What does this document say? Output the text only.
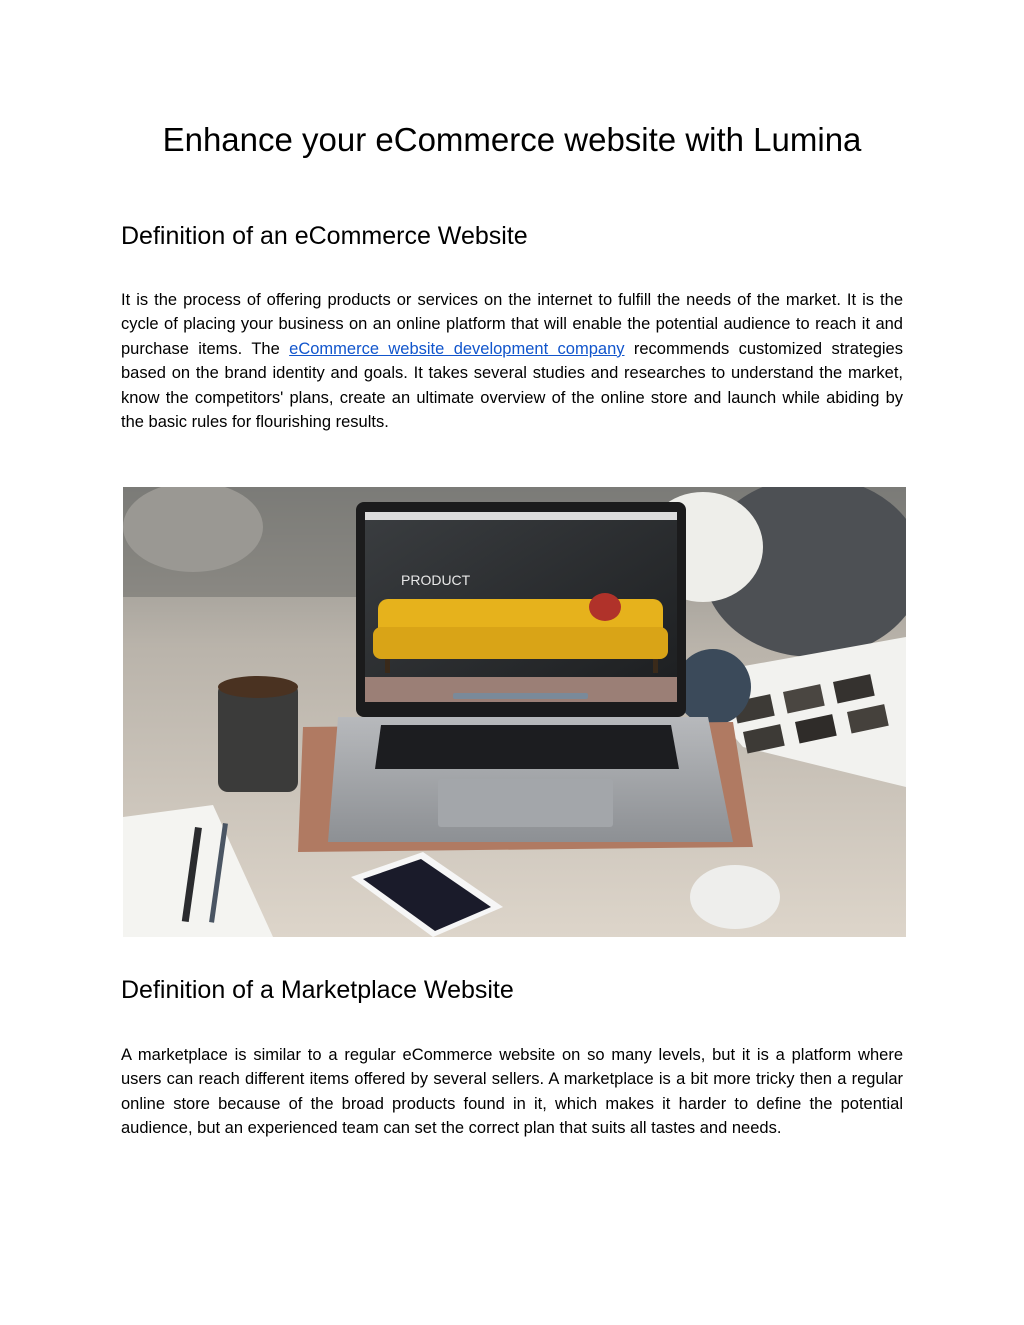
Enhance your eCommerce website with Lumina
Definition of an eCommerce Website

It is the process of offering products or services on the internet to fulfill the needs of the market. It is the cycle of placing your business on an online platform that will enable the potential audience to reach it and purchase items. The eCommerce website development company recommends customized strategies based on the brand identity and goals. It takes several studies and researches to understand the market, know the competitors' plans, create an ultimate overview of the online store and launch while abiding by the basic rules for flourishing results.

PRODUCT
Definition of a Marketplace Website

A marketplace is similar to a regular eCommerce website on so many levels, but it is a platform where users can reach different items offered by several sellers. A marketplace is a bit more tricky then a regular online store because of the broad products found in it, which makes it harder to define the potential audience, but an experienced team can set the correct plan that suits all tastes and needs.
